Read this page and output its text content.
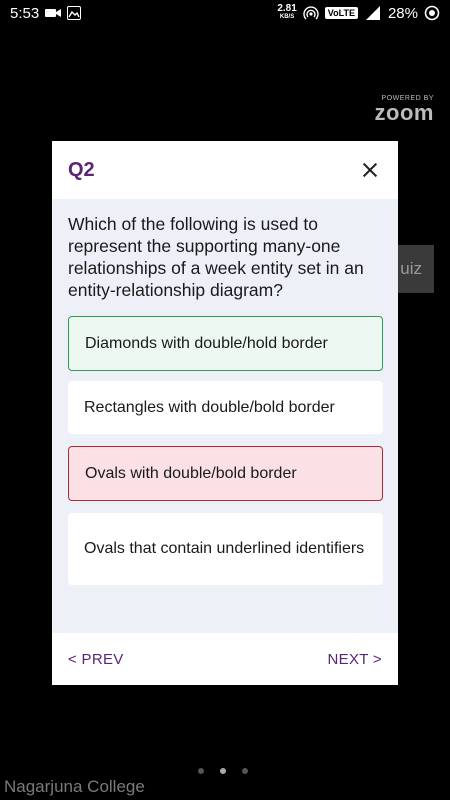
5:53	2.81
KB/S	VoLTE 28%
POWERED BY
zoom
uiz
Q2

Which of the following is used to represent the supporting many-one relationships of a week entity set in an entity-relationship diagram?

Diamonds with double/hold border
Rectangles with double/bold border
Ovals with double/bold border
Ovals that contain underlined identifiers
< PREV	NEXT >
Nagarjuna College
